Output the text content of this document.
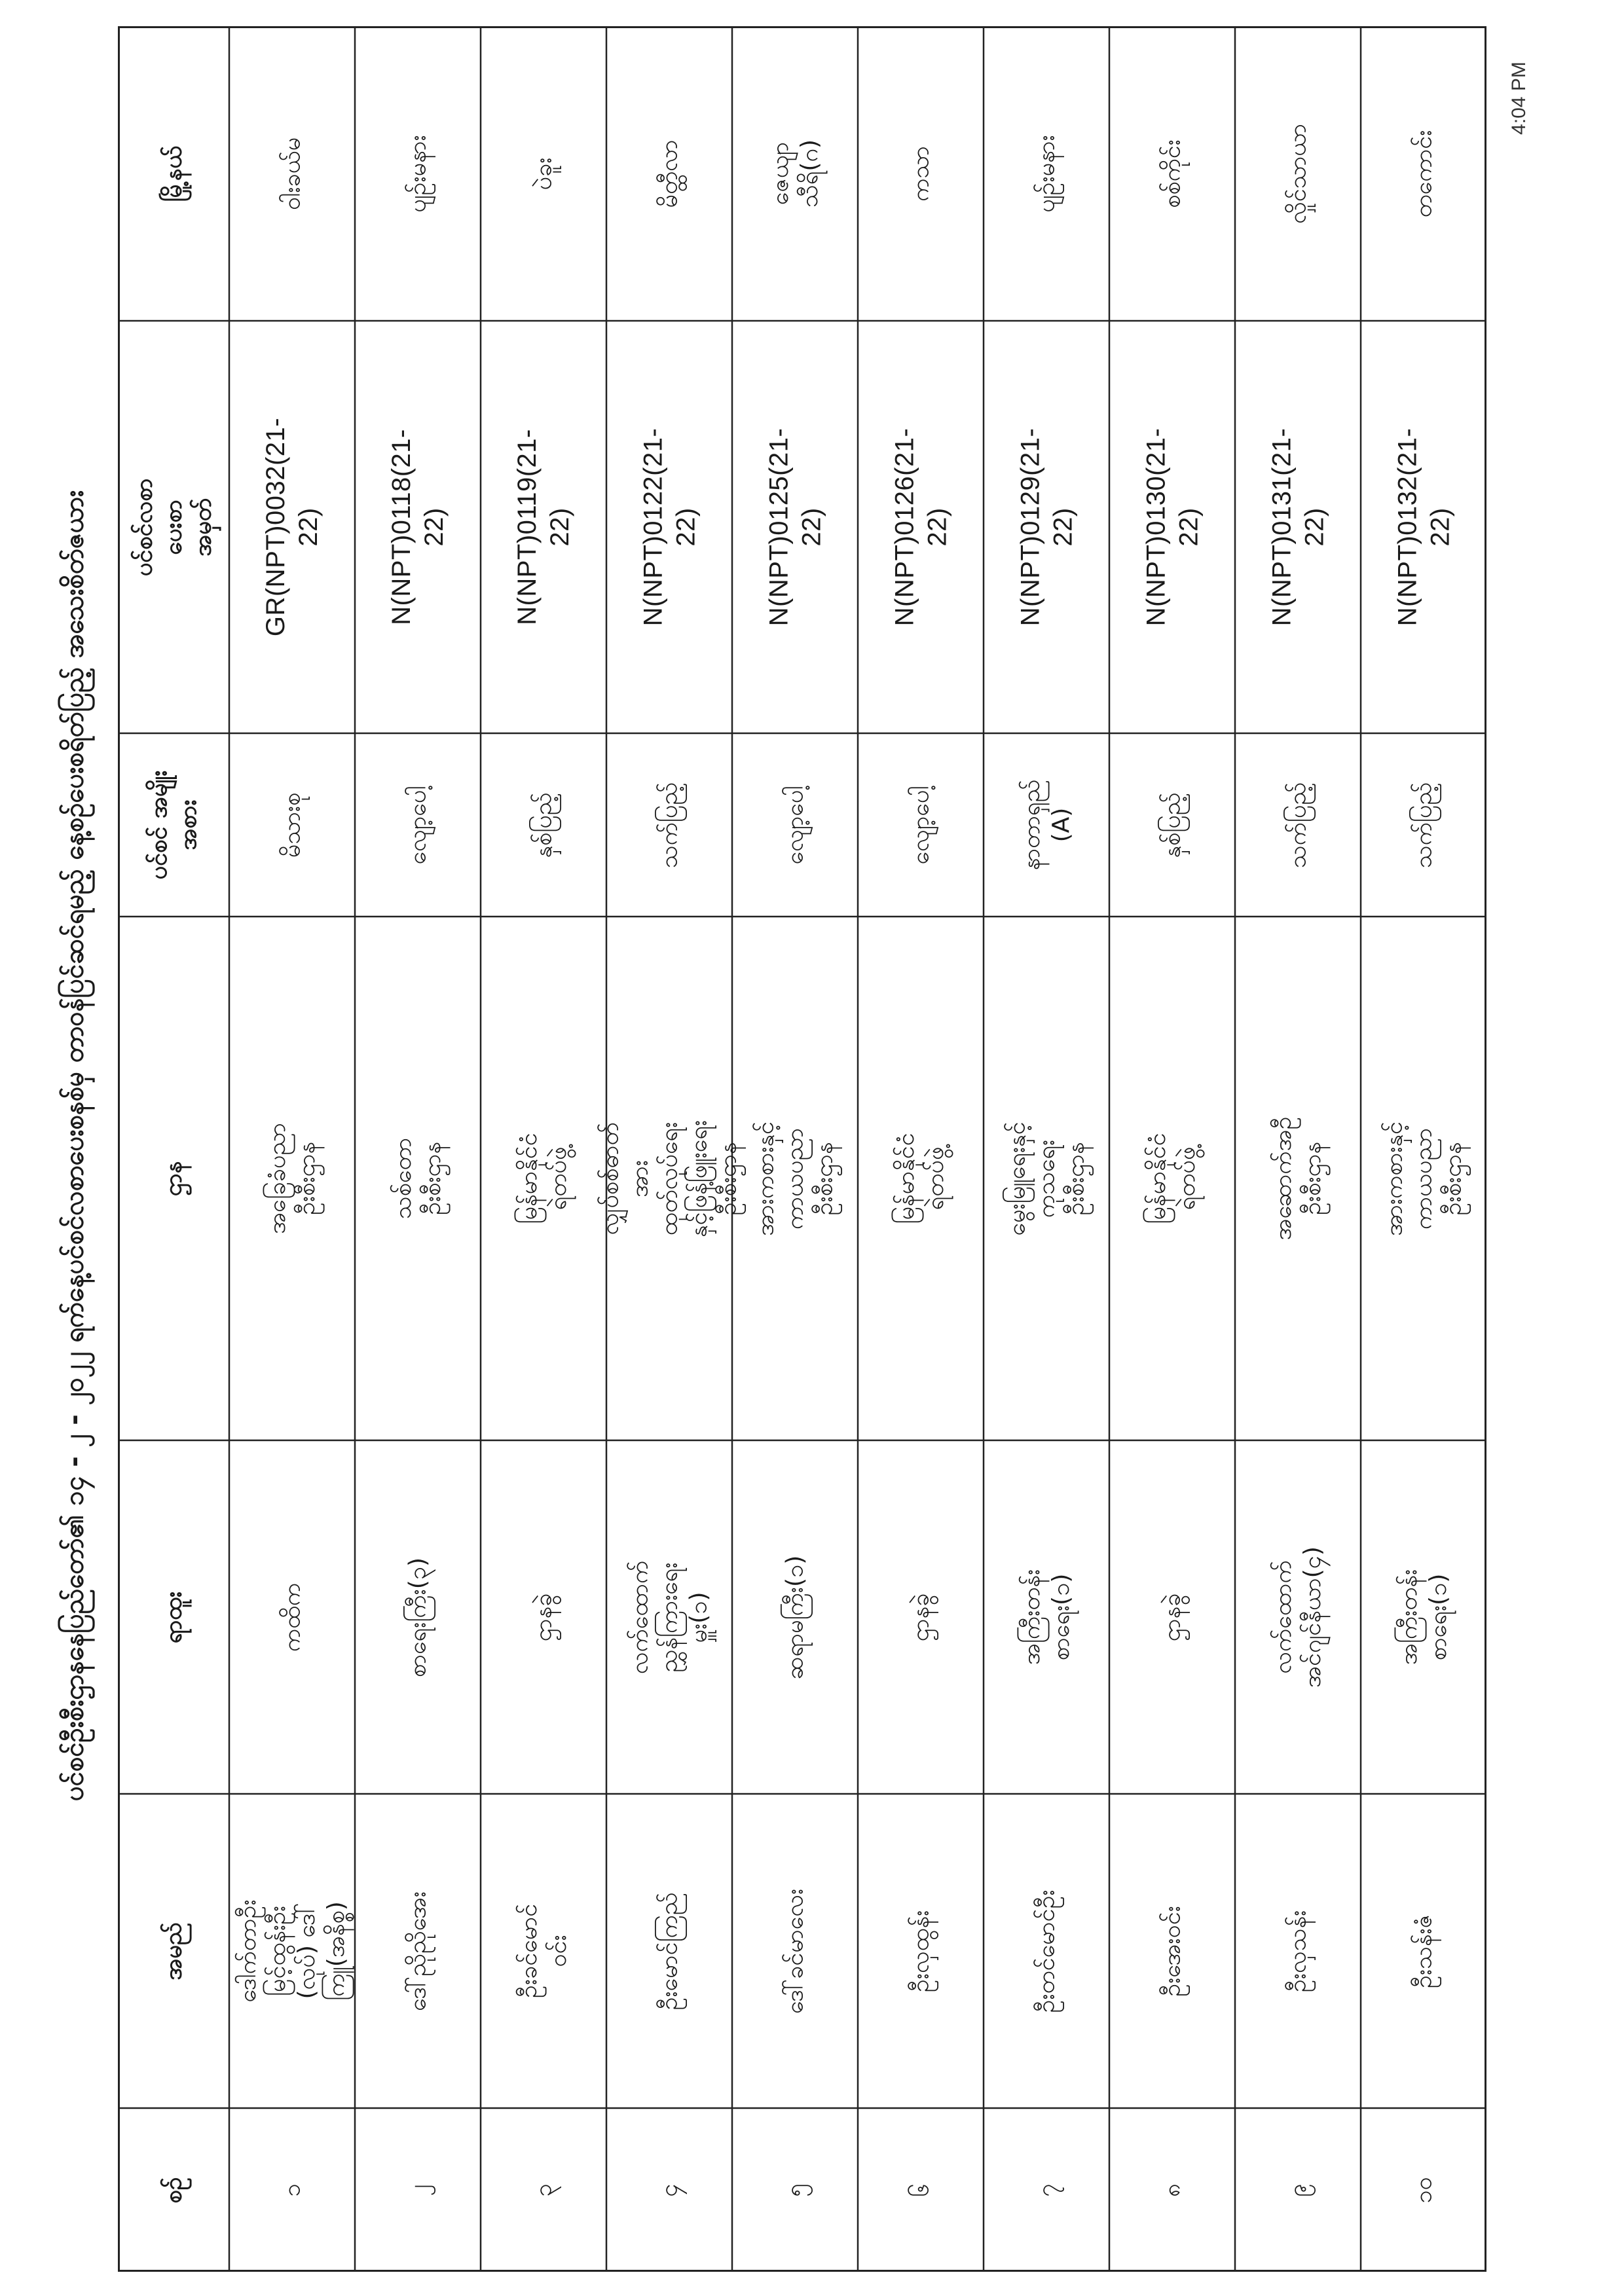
ပင်စင်ဦးစီးဌာနနေပြည်တော်၏ ၁၄ - ၂ - ၂၀၂၂ ရက်နေ့ပင်စင်လစာပေးစနစ်မှ တာဝန်ပြင်ဆင်ရမည့် နေ့စဉ်ပေးစရိတ်ပြည့် အသေးစိတ်ဇယား
4:04 PM
မြို့နယ်
ပင်စင်လစာပေးစာအမှတ်
ပင်စင် အမျိုးအစား
ဌာန
ရာထူး
အမည်
စဉ်
ဝါးခယ်မ
GR(NPT)0032(21-22)
မိသားစု
အခြေခံပညာဦးစီးဌာန
ကထိက
ဒေါက်တာဦးမြင့်ထွန်းဦး (လုပ်) ဒေါ်ကြူ(အနိစ္စ)
၁
ပျဉ်းမနား
N(NPT)0118(21-22)
လျော့ပေါ့
သစ်တောဦးစီးဌာန
စာရေးကြီး(၃)
ဒေါ်ညိုညိုအေး
၂
ပဲခူး
N(NPT)0119(21-22)
နှစ်ပြည့်
မြန်မာနိုင်ငံရဲတပ်ဖွဲ့
ဌာနခွဲ
ဦးခင်မောင်ဝင်း
၃
မိတ္ထီလာ
N(NPT)0122(21-22)
သက်ပြည့်
လျှပ်စစ်ဓာတ်အား ထုတ်လုပ်ရေးနှင့်ဖြန့်ဖြူးရေး ဦးစီးဌာန
လက်ထောက်ညွှန်ကြားရေးမှူး(၁)
ဦးမောင်ကြည်
၄
ဇေယျာသီရိ(ဂ)
N(NPT)0125(21-22)
လျော့ပေါ့
အားကစားနှင့်ကာယပညာဦးစီးဌာန
ဆရာမကြီး(၁)
ဒေါ်ခင်မာလေး
၅
ကသာ
N(NPT)0126(21-22)
လျော့ပေါ့
မြန်မာနိုင်ငံရဲတပ်ဖွဲ့
ဌာနခွဲ
ဦးလှထွန်း
၆
ပျဉ်းမနား
N(NPT)0129(21-22)
နာတာရှည် (A)
မွေးမြူရေးနှင့်ကုသရေး ဦးစီးဌာန
အကြီးတန်းစာရေး(၁)
ဦးတင်မောင်ဦး
၇
စစ်ကိုင်း
N(NPT)0130(21-22)
နှစ်ပြည့်
မြန်မာနိုင်ငံရဲတပ်ဖွဲ့
ဌာနခွဲ
ဦးအေးဝင်း
၈
လှိုင်သာယာ
N(NPT)0131(21-22)
သက်ပြည့်
အဆောက်အဦဦးစီးဌာန
လက်ထောက်အင်ဂျင်နီယာ(၄)
ဦးလှသန်း
၉
တကောင်း
N(NPT)0132(21-22)
သက်ပြည့်
အားကစားနှင့်ကာယပညာဦးစီးဌာန
အကြီးတန်းစာရေး(၁)
ဦးသန်းဇံ
၁၀
